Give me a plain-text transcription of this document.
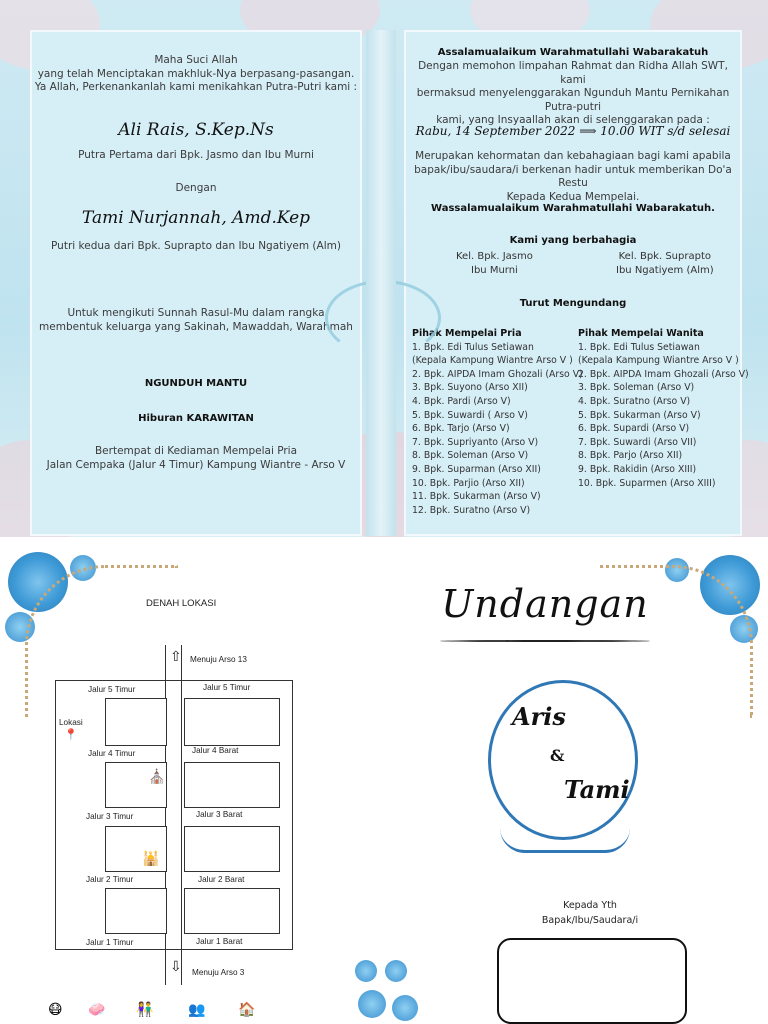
Maha Suci Allah
yang telah Menciptakan makhluk-Nya berpasang-pasangan.
Ya Allah, Perkenankanlah kami menikahkan Putra-Putri kami :
Ali Rais, S.Kep.Ns
Putra Pertama dari Bpk. Jasmo dan Ibu Murni
Dengan
Tami Nurjannah, Amd.Kep
Putri kedua dari Bpk. Suprapto dan Ibu Ngatiyem (Alm)
Untuk mengikuti Sunnah Rasul-Mu dalam rangka
membentuk keluarga yang Sakinah, Mawaddah, Warahmah
NGUNDUH MANTU
Hiburan KARAWITAN
Bertempat di Kediaman Mempelai Pria
Jalan Cempaka (Jalur 4 Timur) Kampung Wiantre - Arso V
Assalamualaikum Warahmatullahi Wabarakatuh
Dengan memohon limpahan Rahmat dan Ridha Allah SWT, kami
bermaksud menyelenggarakan Ngunduh Mantu Pernikahan Putra-putri
kami, yang Insyaallah akan di selenggarakan pada :
Rabu, 14 September 2022 ⟹ 10.00 WIT s/d selesai
Merupakan kehormatan dan kebahagiaan bagi kami apabila
bapak/ibu/saudara/i berkenan hadir untuk memberikan Do'a Restu
Kepada Kedua Mempelai.
Wassalamualaikum Warahmatullahi Wabarakatuh.
Kami yang berbahagia
Kel. Bpk. Jasmo
Ibu Murni
Kel. Bpk. Suprapto
Ibu Ngatiyem (Alm)
Turut Mengundang
Pihak Mempelai Pria
1. Bpk. Edi Tulus Setiawan
(Kepala Kampung Wiantre Arso V )
2. Bpk. AIPDA Imam Ghozali (Arso V)
3. Bpk. Suyono (Arso XII)
4. Bpk. Pardi (Arso V)
5. Bpk. Suwardi ( Arso V)
6. Bpk. Tarjo (Arso V)
7. Bpk. Supriyanto (Arso V)
8. Bpk. Soleman (Arso V)
9. Bpk. Suparman (Arso XII)
10. Bpk. Parjio (Arso XII)
11. Bpk. Sukarman (Arso V)
12. Bpk. Suratno (Arso V)
Pihak Mempelai Wanita
1. Bpk. Edi Tulus Setiawan
(Kepala Kampung Wiantre Arso V )
2. Bpk. AIPDA Imam Ghozali (Arso V)
3. Bpk. Soleman (Arso V)
4. Bpk. Suratno (Arso V)
5. Bpk. Sukarman (Arso V)
6. Bpk. Supardi (Arso V)
7. Bpk. Suwardi (Arso VII)
8. Bpk. Parjo (Arso XII)
9. Bpk. Rakidin (Arso XIII)
10. Bpk. Suparmen (Arso XIII)
DENAH LOKASI
⇧
⇩
Menuju Arso 13
Menuju Arso 3
Jalur 5 Timur	Jalur 5 Timur
Jalur 4 Timur	Jalur 4 Barat
Jalur 3 Timur	Jalur 3 Barat
Jalur 2 Timur	Jalur 2 Barat
Jalur 1 Timur	Jalur 1 Barat
Lokasi
📍
⛪
🕌
😷 🧼 👫 👥 🏠
Undangan
Aris
&
Tami
Kepada Yth
Bapak/Ibu/Saudara/i
